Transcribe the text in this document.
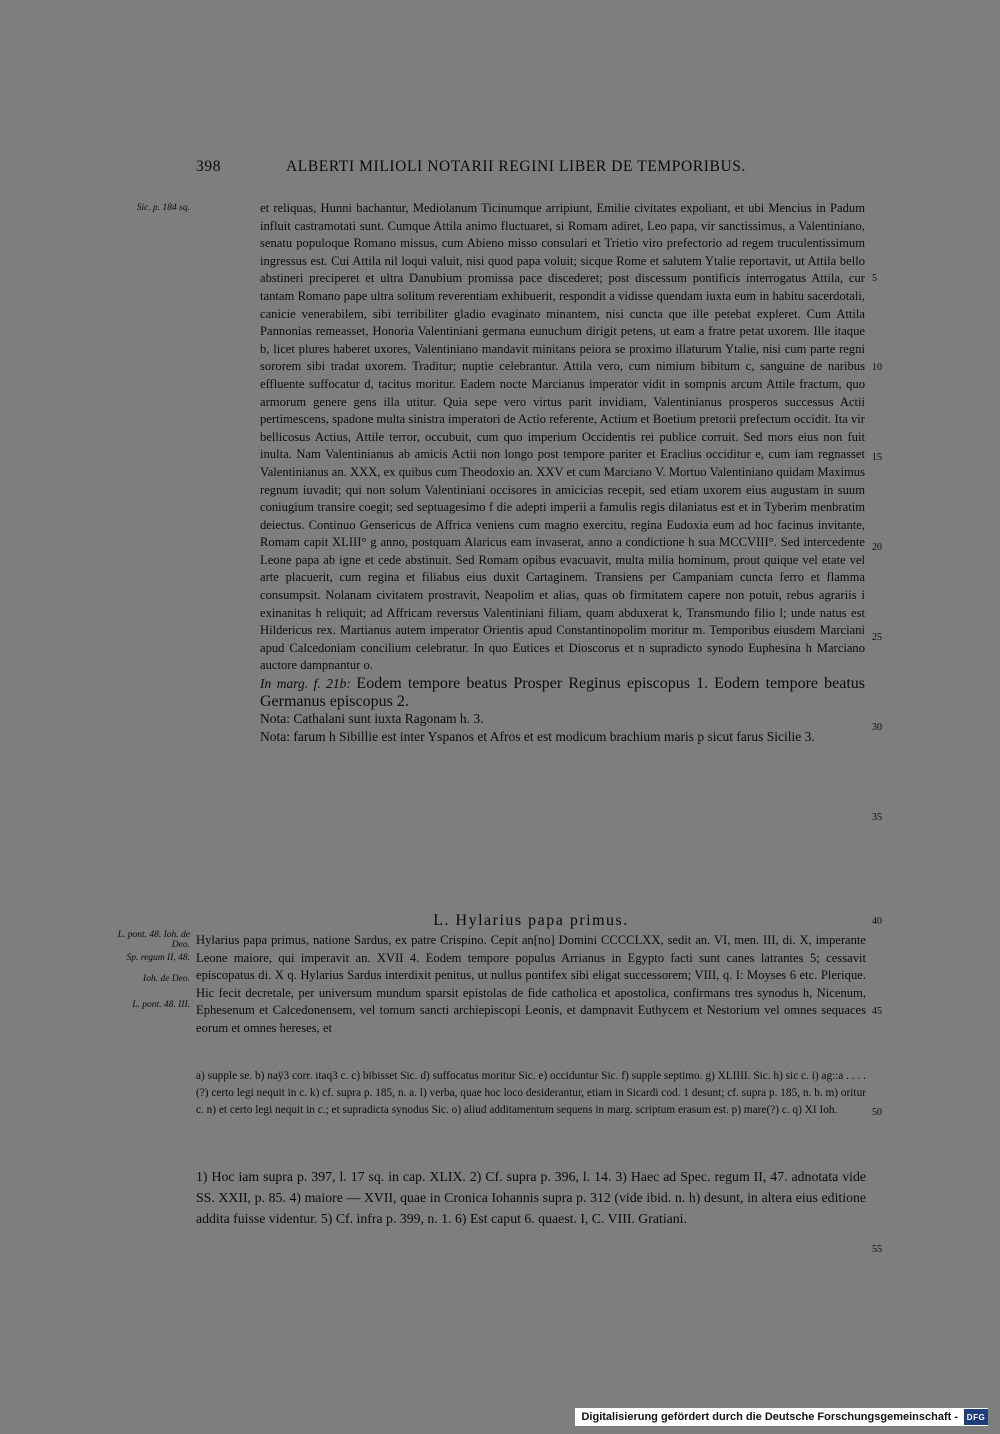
398	ALBERTI MILIOLI NOTARII REGINI LIBER DE TEMPORIBUS.
Sic. p. 184 sq.
L. pont. 48. Ioh. de Deo.
Sp. regum II, 48.
Ioh. de Deo.
L. pont. 48. III.
5
10
15
20
25
30
35
40
45
50
55

et reliquas, Hunni bachantur, Mediolanum Ticinumque arripiunt, Emilie civitates expoliant, et ubi Mencius in Padum influit castramotati sunt. Cumque Attila animo fluctuaret, si Romam adiret, Leo papa, vir sanctissimus, a Valentiniano, senatu populoque Romano missus, cum Abieno misso consulari et Trietio viro prefectorio ad regem truculentissimum ingressus est. Cui Attila nil loqui valuit, nisi quod papa voluit; sicque Rome et salutem Ytalie reportavit, ut Attila bello abstineri preciperet et ultra Danubium promissa pace discederet; post discessum pontificis interrogatus Attila, cur tantam Romano pape ultra solitum reverentiam exhibuerit, respondit a vidisse quendam iuxta eum in habitu sacerdotali, canicie venerabilem, sibi terribiliter gladio evaginato minantem, nisi cuncta que ille petebat expleret. Cum Attila Pannonias remeasset, Honoria Valentiniani germana eunuchum dirigit petens, ut eam a fratre petat uxorem. Ille itaque b, licet plures haberet uxores, Valentiniano mandavit minitans peiora se proximo illaturum Ytalie, nisi cum parte regni sororem sibi tradat uxorem. Traditur; nuptie celebrantur. Attila vero, cum nimium bibitum c, sanguine de naribus effluente suffocatur d, tacitus moritur. Eadem nocte Marcianus imperator vidit in sompnis arcum Attile fractum, quo armorum genere gens illa utitur. Quia sepe vero virtus parit invidiam, Valentinianus prosperos successus Actii pertimescens, spadone multa sinistra imperatori de Actio referente, Actium et Boetium pretorii prefectum occidit. Ita vir bellicosus Actius, Attile terror, occubuit, cum quo imperium Occidentis rei publice corruit. Sed mors eius non fuit inulta. Nam Valentinianus ab amicis Actii non longo post tempore pariter et Eraclius occiditur e, cum iam regnasset Valentinianus an. XXX, ex quibus cum Theodoxio an. XXV et cum Marciano V. Mortuo Valentiniano quidam Maximus regnum iuvadit; qui non solum Valentiniani occisores in amicicias recepit, sed etiam uxorem eius augustam in suum coniugium transire coegit; sed septuagesimo f die adepti imperii a famulis regis dilaniatus est et in Tyberim menbratim deiectus. Continuo Gensericus de Affrica veniens cum magno exercitu, regina Eudoxia eum ad hoc facinus invitante, Romam capit XLIII° g anno, postquam Alaricus eam invaserat, anno a condictione h sua MCCVIII°. Sed intercedente Leone papa ab igne et cede abstinuit. Sed Romam opibus evacuavit, multa milia hominum, prout quique vel etate vel arte placuerit, cum regina et filiabus eius duxit Cartaginem. Transiens per Campaniam cuncta ferro et flamma consumpsit. Nolanam civitatem prostravit, Neapolim et alias, quas ob firmitatem capere non potuit, rebus agrariis i exinanitas h reliquit; ad Affricam reversus Valentiniani filiam, quam abduxerat k, Transmundo filio l; unde natus est Hildericus rex. Martianus autem imperator Orientis apud Constantinopolim moritur m. Temporibus eiusdem Marciani apud Calcedoniam concilium celebratur. In quo Eutices et Dioscorus et n supradicto synodo Euphesina h Marciano auctore dampnantur o.

In marg. f. 21b: Eodem tempore beatus Prosper Reginus episcopus 1. Eodem tempore beatus Germanus episcopus 2.

Nota: Cathalani sunt iuxta Ragonam h. 3.

Nota: farum h Sibillie est inter Yspanos et Afros et est modicum brachium maris p sicut farus Sicilie 3.

L. Hylarius papa primus.
Hylarius papa primus, natione Sardus, ex patre Crispino. Cepit an[no] Domini CCCCLXX, sedit an. VI, men. III, di. X, imperante Leone maiore, qui imperavit an. XVII 4. Eodem tempore populus Arrianus in Egypto facti sunt canes latrantes 5; cessavit episcopatus di. X q. Hylarius Sardus interdixit penitus, ut nullus pontifex sibi eligat successorem; VIII, q. I: Moyses 6 etc. Plerique. Hic fecit decretale, per universum mundum sparsit epistolas de fide catholica et apostolica, confirmans tres synodus h, Nicenum, Ephesenum et Calcedonensem, vel tomum sancti archiepiscopi Leonis, et dampnavit Euthycem et Nestorium vel omnes sequaces eorum et omnes hereses, et
a) supple se. b) naÿ3 corr. itaq3 c. c) bibisset Sic. d) suffocatus moritur Sic. e) occiduntur Sic. f) supple septimo. g) XLIIII. Sic. h) sic c. i) ag::a . . . . (?) certo legi nequit in c. k) cf. supra p. 185, n. a. l) verba, quae hoc loco desiderantur, etiam in Sicardi cod. 1 desunt; cf. supra p. 185, n. b. m) oritur c. n) et certo legi nequit in c.; et supradicta synodus Sic. o) aliud additamentum sequens in marg. scriptum erasum est. p) mare(?) c. q) XI Ioh.
1) Hoc iam supra p. 397, l. 17 sq. in cap. XLIX. 2) Cf. supra p. 396, l. 14. 3) Haec ad Spec. regum II, 47. adnotata vide SS. XXII, p. 85. 4) maiore — XVII, quae in Cronica Iohannis supra p. 312 (vide ibid. n. h) desunt, in altera eius editione addita fuisse videntur. 5) Cf. infra p. 399, n. 1. 6) Est caput 6. quaest. I, C. VIII. Gratiani.
Digitalisierung gefördert durch die Deutsche Forschungsgemeinschaft -	DFG
